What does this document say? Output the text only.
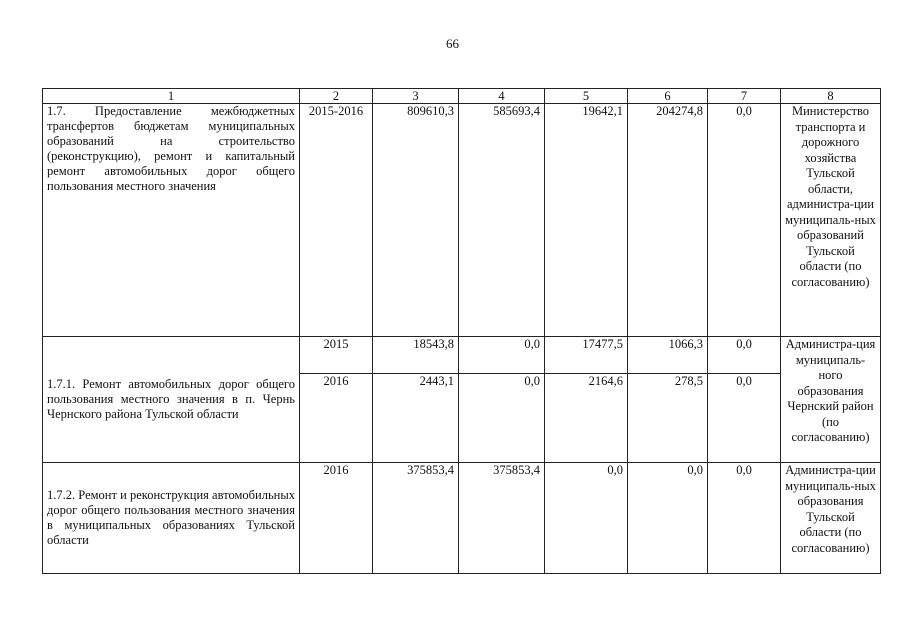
66
1	2	3	4	5	6	7	8
1.7. Предоставление межбюджетных трансфертов бюджетам муниципальных образований на строительство (реконструкцию), ремонт и капитальный ремонт автомобильных дорог общего пользования местного значения	2015-2016	809610,3	585693,4	19642,1	204274,8	0,0	Министерство транспорта и дорожного хозяйства Тульской области, администра-ции муниципаль-ных образований Тульской области (по согласованию)
1.7.1. Ремонт автомобильных дорог общего пользования местного значения в п. Чернь Чернского района Тульской области	2015	18543,8	0,0	17477,5	1066,3	0,0	Администра-ция муниципаль-ного образования Чернский район (по согласованию)
	2016	2443,1	0,0	2164,6	278,5	0,0	
1.7.2. Ремонт и реконструкция автомобильных дорог общего пользования местного значения в муниципальных образованиях Тульской области	2016	375853,4	375853,4	0,0	0,0	0,0	Администра-ции муниципаль-ных образования Тульской области (по согласованию)
